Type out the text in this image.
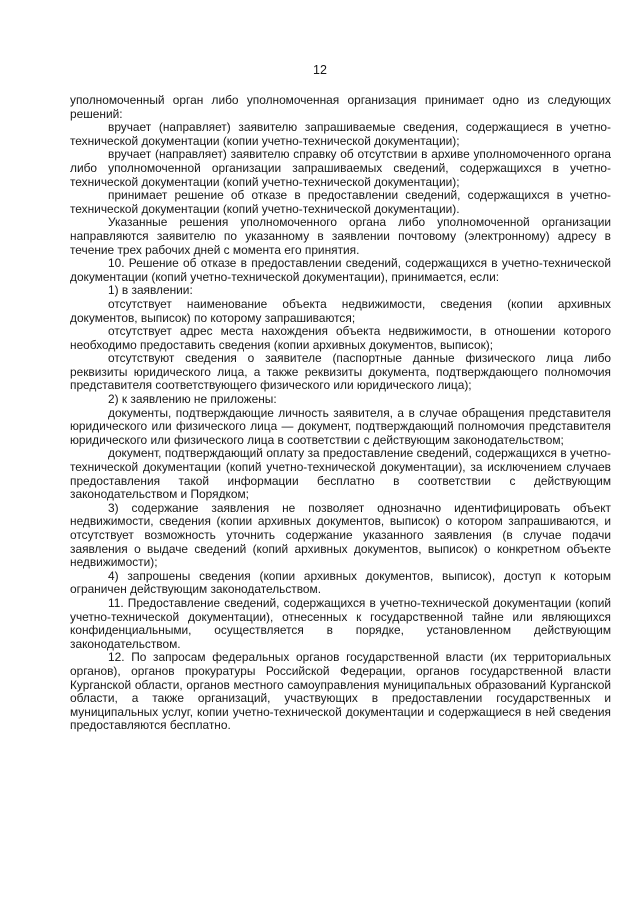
12

уполномоченный орган либо уполномоченная организация принимает одно из следующих решений:

вручает (направляет) заявителю запрашиваемые сведения, содержащиеся в учетно-технической документации (копии учетно-технической документации);

вручает (направляет) заявителю справку об отсутствии в архиве уполномоченного органа либо уполномоченной организации запрашиваемых сведений, содержащихся в учетно-технической документации (копий учетно-технической документации);

принимает решение об отказе в предоставлении сведений, содержащихся в учетно-технической документации (копий учетно-технической документации).

Указанные решения уполномоченного органа либо уполномоченной организации направляются заявителю по указанному в заявлении почтовому (электронному) адресу в течение трех рабочих дней с момента его принятия.

10. Решение об отказе в предоставлении сведений, содержащихся в учетно-технической документации (копий учетно-технической документации), принимается, если:

1) в заявлении:

отсутствует наименование объекта недвижимости, сведения (копии архивных документов, выписок) по которому запрашиваются;

отсутствует адрес места нахождения объекта недвижимости, в отношении которого необходимо предоставить сведения (копии архивных документов, выписок);

отсутствуют сведения о заявителе (паспортные данные физического лица либо реквизиты юридического лица, а также реквизиты документа, подтверждающего полномочия представителя соответствующего физического или юридического лица);

2) к заявлению не приложены:

документы, подтверждающие личность заявителя, а в случае обращения представителя юридического или физического лица — документ, подтверждающий полномочия представителя юридического или физического лица в соответствии с действующим законодательством;

документ, подтверждающий оплату за предоставление сведений, содержащихся в учетно-технической документации (копий учетно-технической документации), за исключением случаев предоставления такой информации бесплатно в соответствии с действующим законодательством и Порядком;

3) содержание заявления не позволяет однозначно идентифицировать объект недвижимости, сведения (копии архивных документов, выписок) о котором запрашиваются, и отсутствует возможность уточнить содержание указанного заявления (в случае подачи заявления о выдаче сведений (копий архивных документов, выписок) о конкретном объекте недвижимости);

4) запрошены сведения (копии архивных документов, выписок), доступ к которым ограничен действующим законодательством.

11. Предоставление сведений, содержащихся в учетно-технической документации (копий учетно-технической документации), отнесенных к государственной тайне или являющихся конфиденциальными, осуществляется в порядке, установленном действующим законодательством.

12. По запросам федеральных органов государственной власти (их территориальных органов), органов прокуратуры Российской Федерации, органов государственной власти Курганской области, органов местного самоуправления муниципальных образований Курганской области, а также организаций, участвующих в предоставлении государственных и муниципальных услуг, копии учетно-технической документации и содержащиеся в ней сведения предоставляются бесплатно.
